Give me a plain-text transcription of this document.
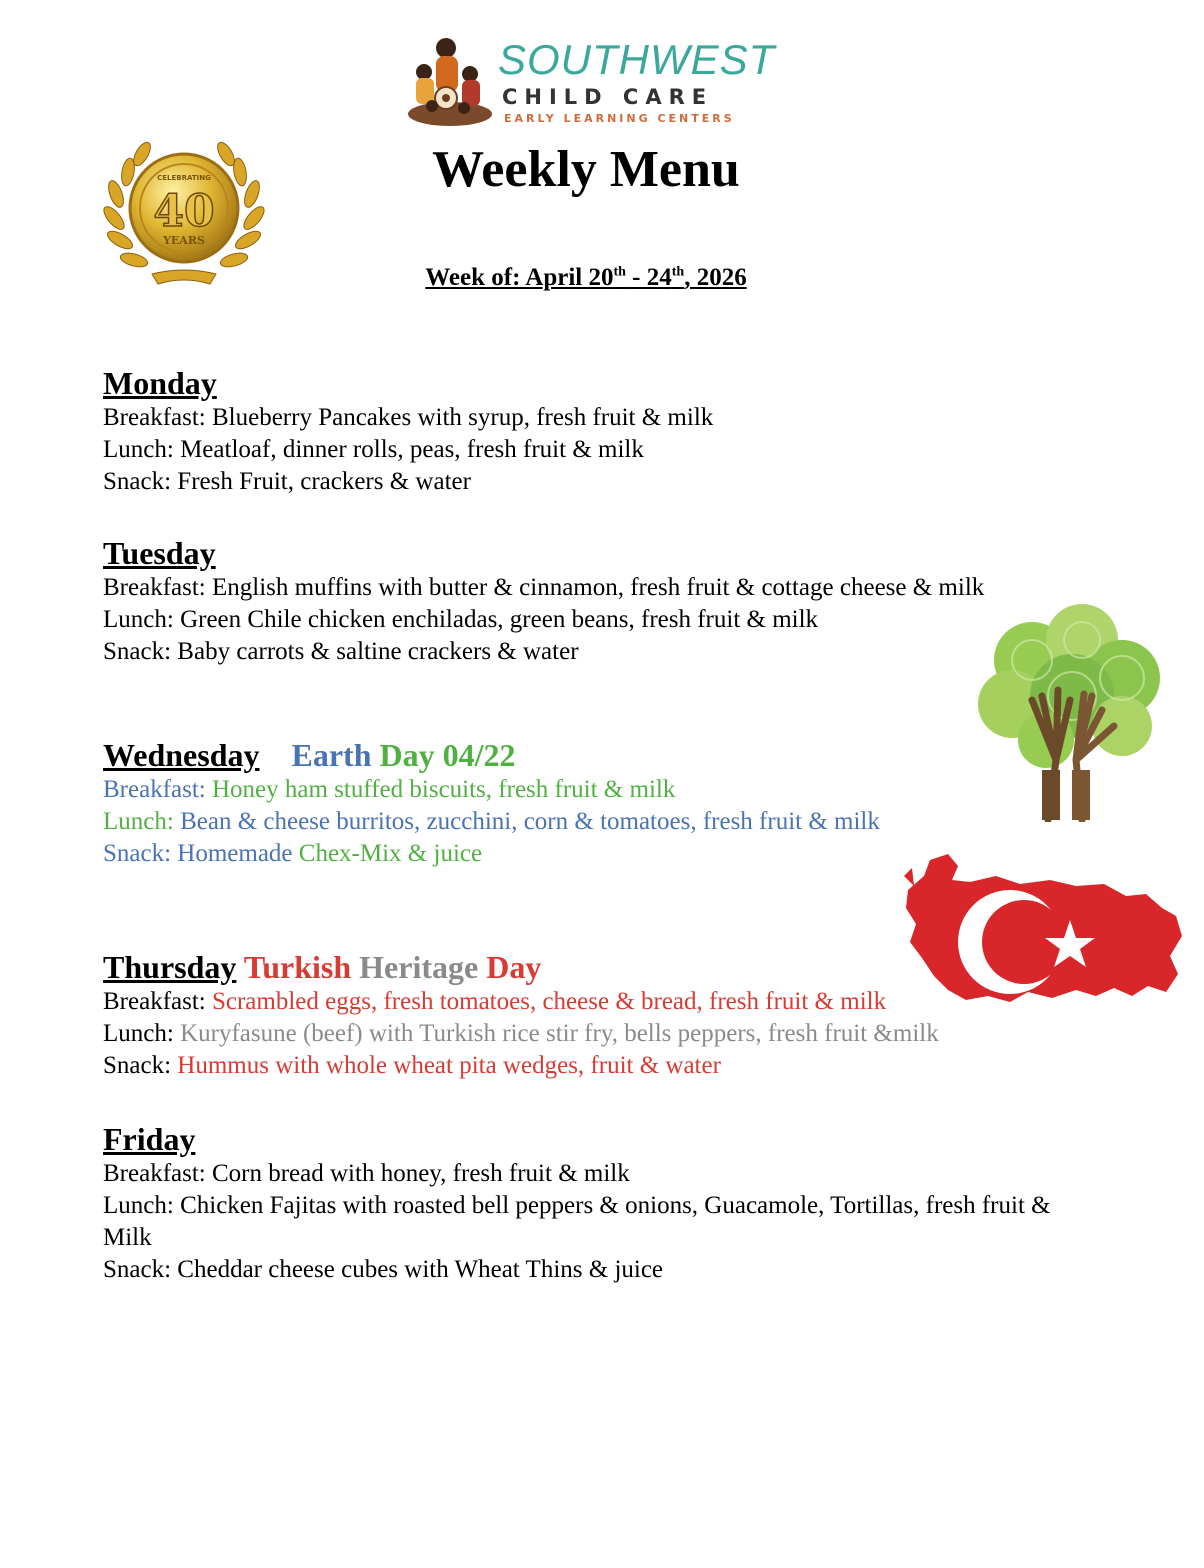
SOUTHWEST
CHILD CARE
EARLY LEARNING CENTERS
CELEBRATING
40
YEARS
Weekly Menu
Week of: April 20th - 24th, 2026
Monday
Breakfast: Blueberry Pancakes with syrup, fresh fruit & milk
Lunch: Meatloaf, dinner rolls, peas, fresh fruit & milk
Snack: Fresh Fruit, crackers & water
Tuesday
Breakfast: English muffins with butter & cinnamon, fresh fruit & cottage cheese & milk
Lunch: Green Chile chicken enchiladas, green beans, fresh fruit & milk
Snack: Baby carrots & saltine crackers & water
Wednesday Earth Day 04/22
Breakfast: Honey ham stuffed biscuits, fresh fruit & milk
Lunch: Bean & cheese burritos, zucchini, corn & tomatoes, fresh fruit & milk
Snack: Homemade Chex-Mix & juice
Thursday Turkish Heritage Day
Breakfast: Scrambled eggs, fresh tomatoes, cheese & bread, fresh fruit & milk
Lunch: Kuryfasune (beef) with Turkish rice stir fry, bells peppers, fresh fruit &milk
Snack: Hummus with whole wheat pita wedges, fruit & water
Friday
Breakfast: Corn bread with honey, fresh fruit & milk
Lunch: Chicken Fajitas with roasted bell peppers & onions, Guacamole, Tortillas, fresh fruit & Milk
Snack: Cheddar cheese cubes with Wheat Thins & juice
